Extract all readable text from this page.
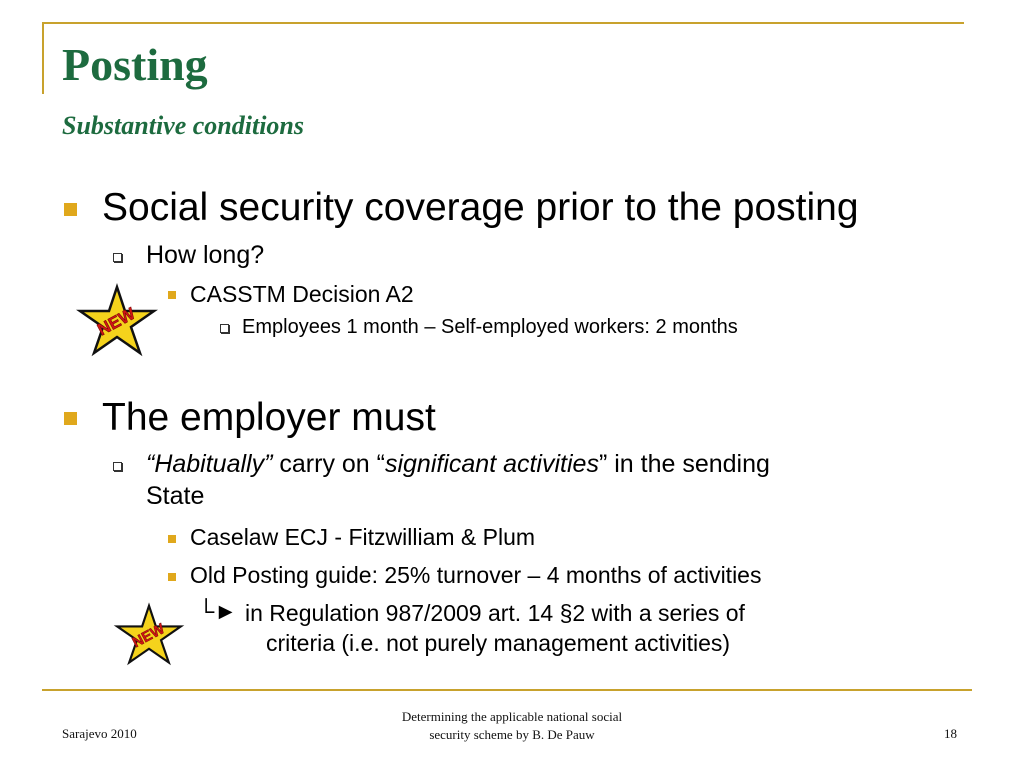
Posting
Substantive conditions
Social security coverage prior to the posting
How long?
CASSTM Decision A2
Employees 1 month – Self-employed workers: 2 months
The employer must
“Habitually” carry on “significant activities” in the sending
State
Caselaw ECJ - Fitzwilliam & Plum
Old Posting guide: 25% turnover – 4 months of activities
└► in Regulation 987/2009 art. 14 §2 with a series of
criteria (i.e. not purely management activities)
NEW
NEW
Sarajevo 2010
Determining the applicable national social
security scheme by B. De Pauw	18
